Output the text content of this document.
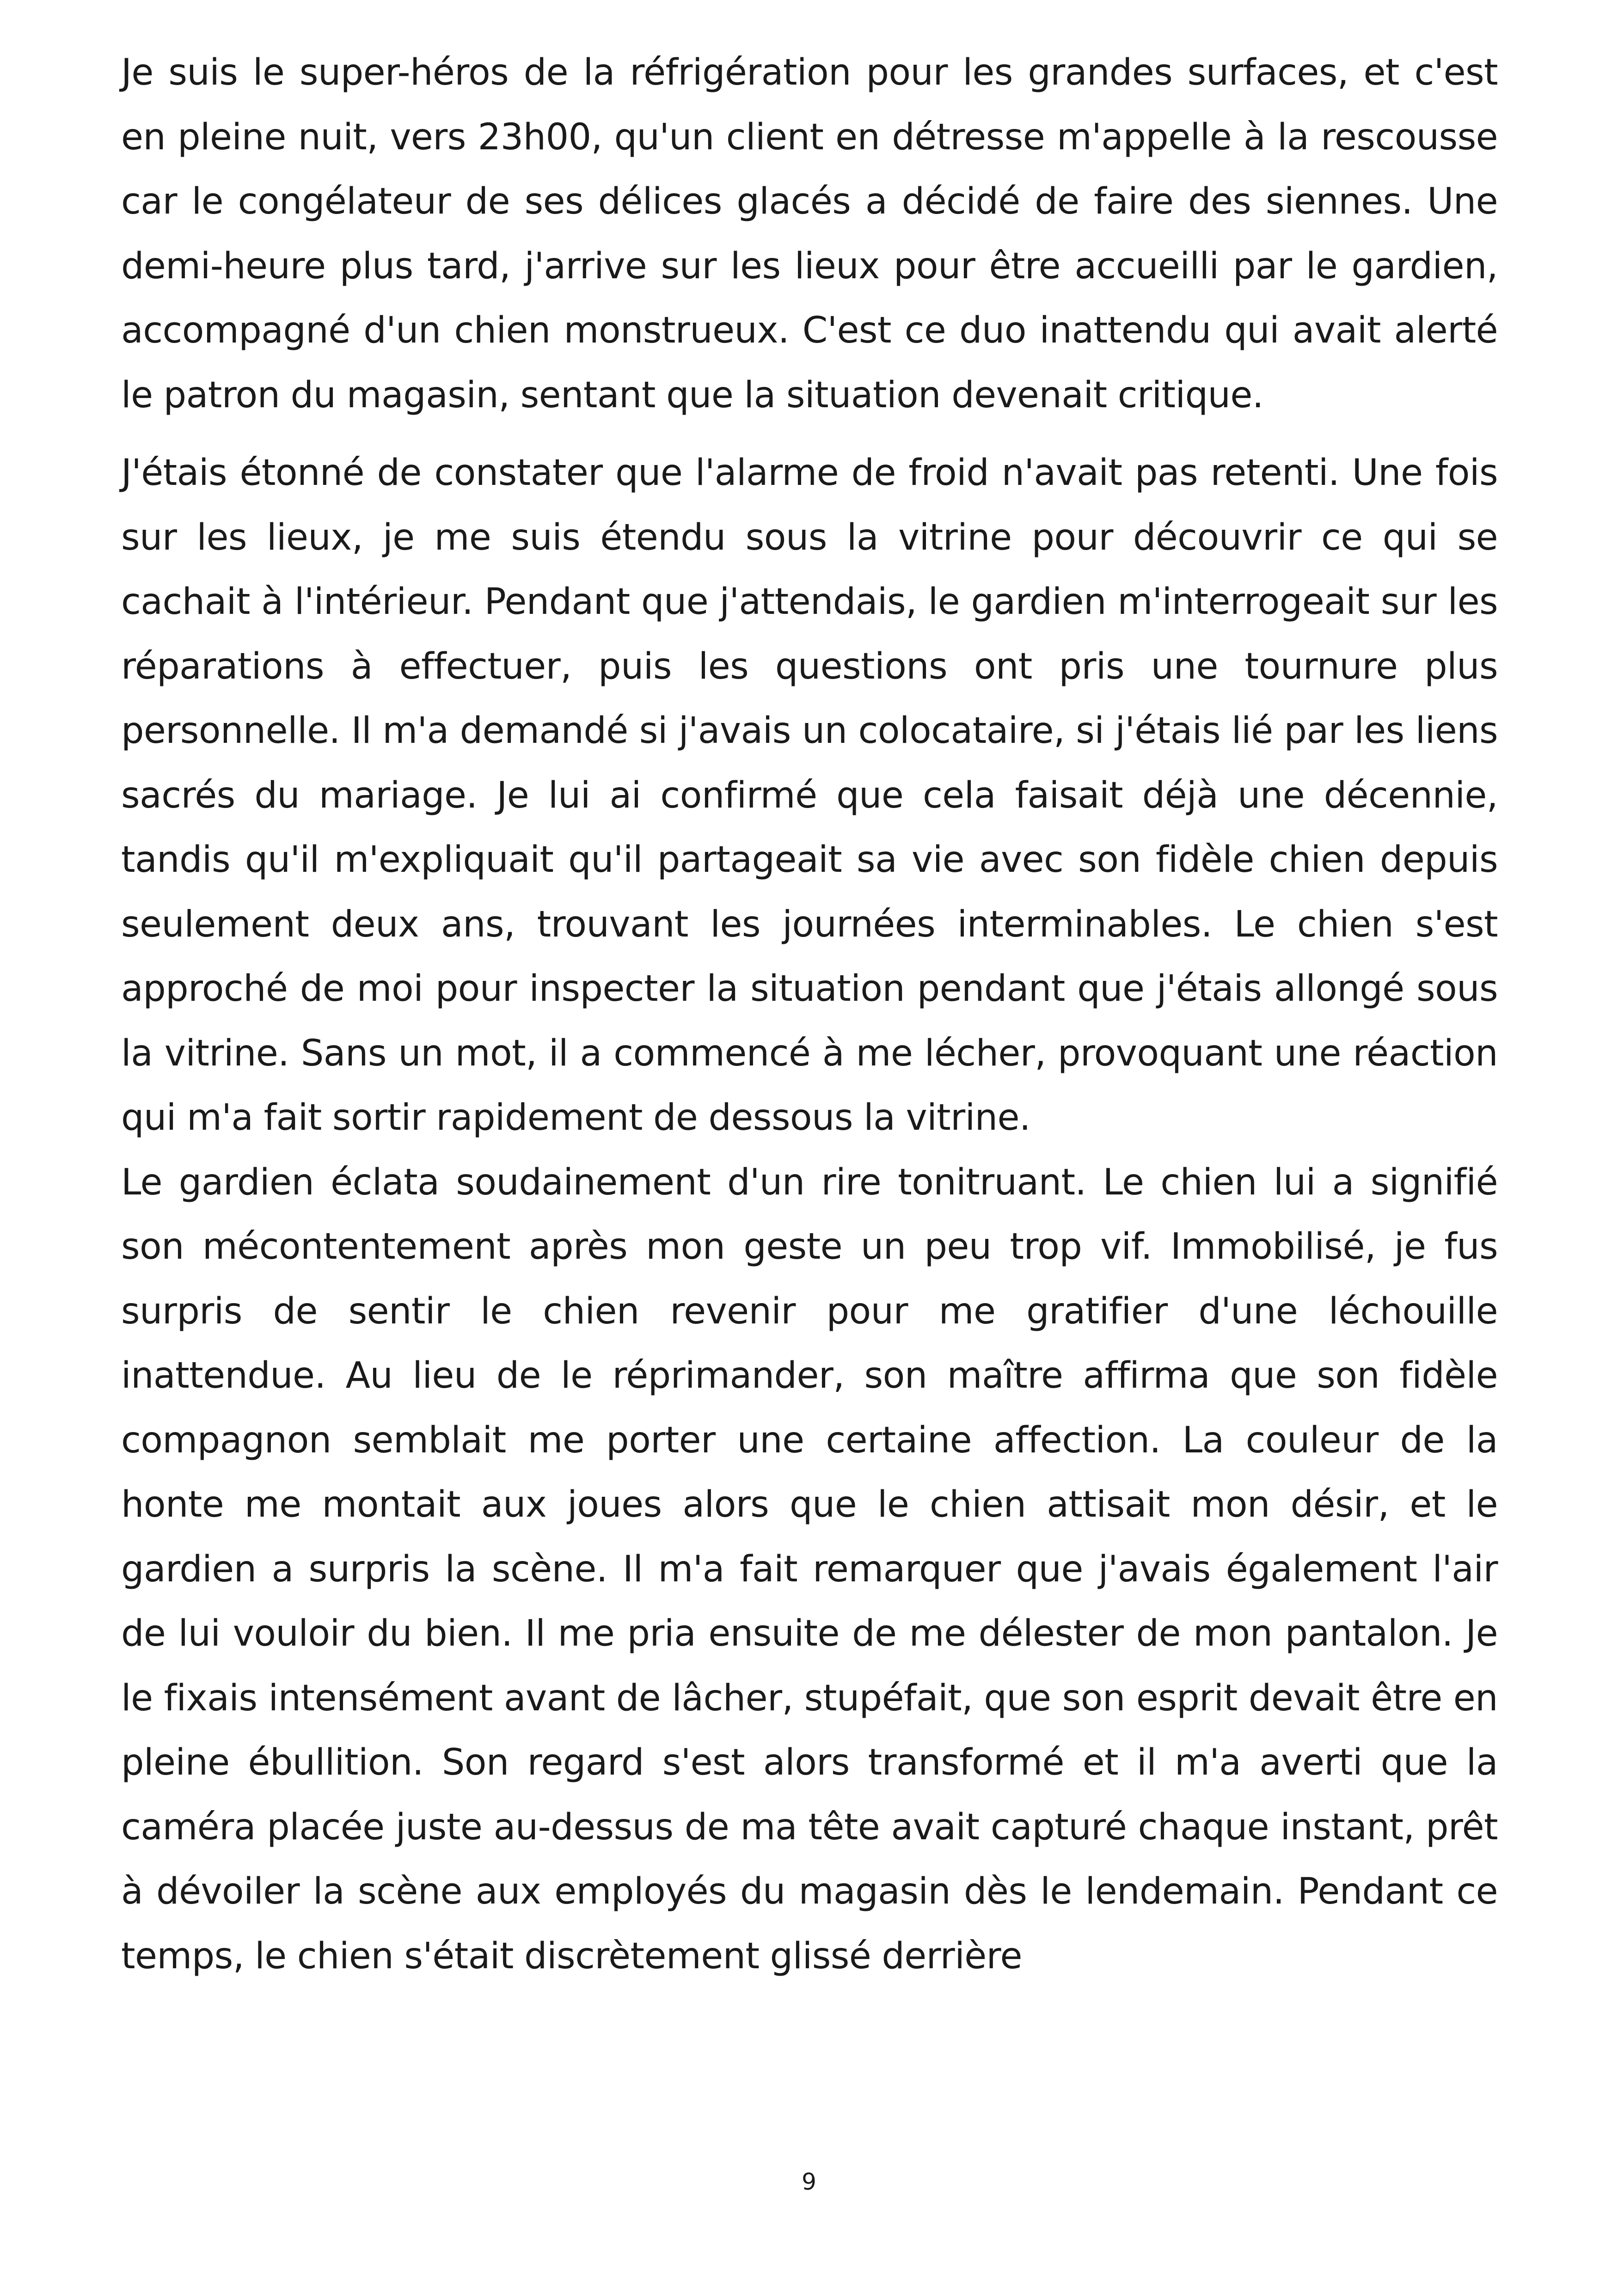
Je suis le super-héros de la réfrigération pour les grandes surfaces, et c'est en pleine nuit, vers 23h00, qu'un client en détresse m'appelle à la rescousse car le congélateur de ses délices glacés a décidé de faire des siennes. Une demi-heure plus tard, j'arrive sur les lieux pour être accueilli par le gardien, accompagné d'un chien monstrueux. C'est ce duo inattendu qui avait alerté le patron du magasin, sentant que la situation devenait critique.

J'étais étonné de constater que l'alarme de froid n'avait pas retenti. Une fois sur les lieux, je me suis étendu sous la vitrine pour découvrir ce qui se cachait à l'intérieur. Pendant que j'attendais, le gardien m'interrogeait sur les réparations à effectuer, puis les questions ont pris une tournure plus personnelle. Il m'a demandé si j'avais un colocataire, si j'étais lié par les liens sacrés du mariage. Je lui ai confirmé que cela faisait déjà une décennie, tandis qu'il m'expliquait qu'il partageait sa vie avec son fidèle chien depuis seulement deux ans, trouvant les journées interminables. Le chien s'est approché de moi pour inspecter la situation pendant que j'étais allongé sous la vitrine. Sans un mot, il a commencé à me lécher, provoquant une réaction qui m'a fait sortir rapidement de dessous la vitrine.

Le gardien éclata soudainement d'un rire tonitruant. Le chien lui a signifié son mécontentement après mon geste un peu trop vif. Immobilisé, je fus surpris de sentir le chien revenir pour me gratifier d'une léchouille inattendue. Au lieu de le réprimander, son maître affirma que son fidèle compagnon semblait me porter une certaine affection. La couleur de la honte me montait aux joues alors que le chien attisait mon désir, et le gardien a surpris la scène. Il m'a fait remarquer que j'avais également l'air de lui vouloir du bien. Il me pria ensuite de me délester de mon pantalon. Je le fixais intensément avant de lâcher, stupéfait, que son esprit devait être en pleine ébullition. Son regard s'est alors transformé et il m'a averti que la caméra placée juste au-dessus de ma tête avait capturé chaque instant, prêt à dévoiler la scène aux employés du magasin dès le lendemain. Pendant ce temps, le chien s'était discrètement glissé derrière

9
